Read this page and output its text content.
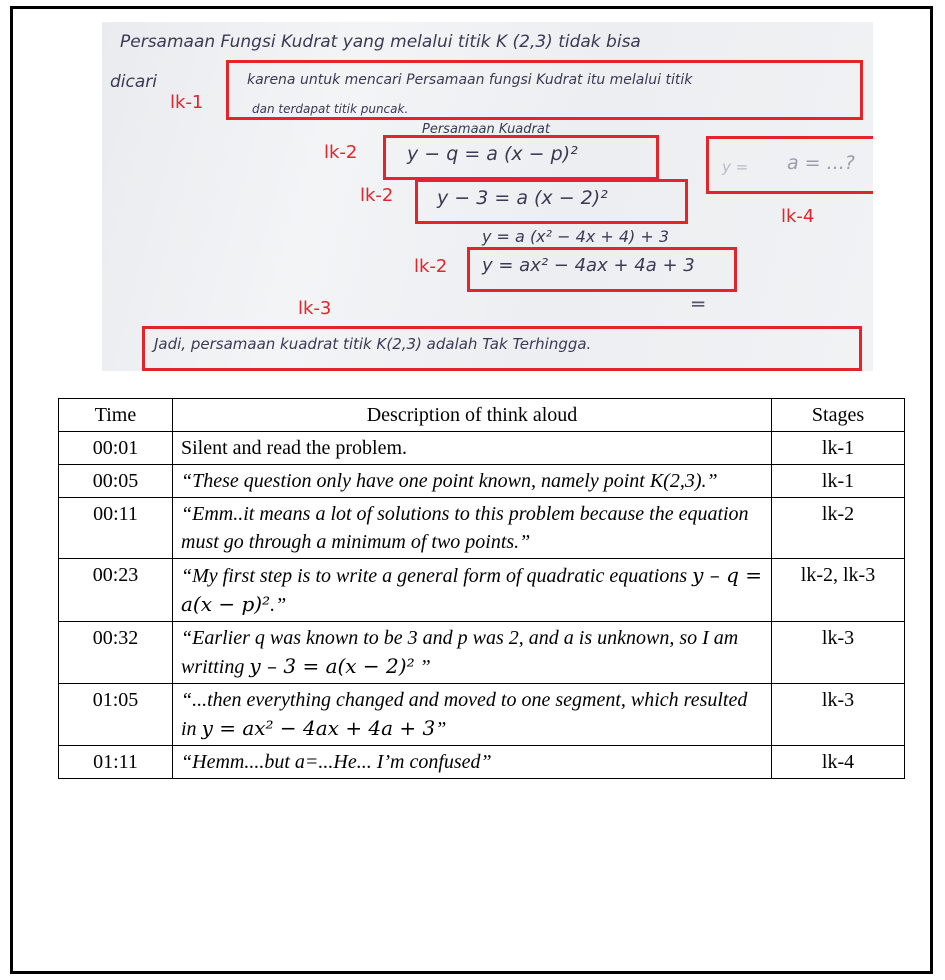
Persamaan Fungsi Kudrat yang melalui titik K (2,3) tidak bisa
dicari	karena untuk mencari Persamaan fungsi Kudrat itu melalui titik
dan terdapat titik puncak.
Persamaan Kuadrat
lk-1
y − q = a (x − p)²
lk-2
y − 3 = a (x − 2)²
lk-2
y = a (x² − 4x + 4) + 3
y = ax² − 4ax + 4a + 3
lk-2
═
y = a = ...?
lk-4
lk-3
Jadi, persamaan kuadrat titik K(2,3) adalah Tak Terhingga.
Time	Description of think aloud	Stages
00:01	Silent and read the problem.	lk-1
00:05	“These question only have one point known, namely point K(2,3).”	lk-1
00:11	“Emm..it means a lot of solutions to this problem because the equation must go through a minimum of two points.”	lk-2
00:23	“My first step is to write a general form of quadratic equations y – q = a(x − p)².”	lk-2, lk-3
00:32	“Earlier q was known to be 3 and p was 2, and a is unknown, so I am writting y – 3 = a(x − 2)² ”	lk-3
01:05	“...then everything changed and moved to one segment, which resulted in y = ax² − 4ax + 4a + 3”	lk-3
01:11	“Hemm....but a=...He... I’m confused”	lk-4
